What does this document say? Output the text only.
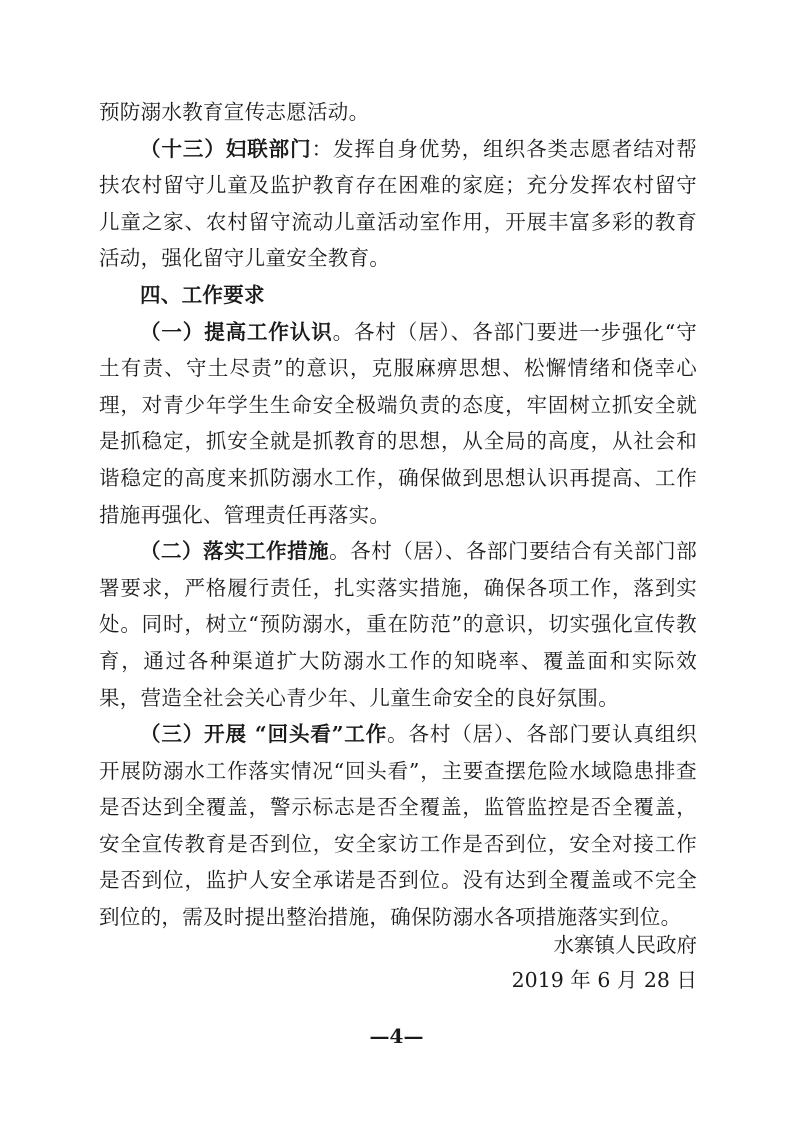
预防溺水教育宣传志愿活动。

（十三）妇联部门：发挥自身优势，组织各类志愿者结对帮扶农村留守儿童及监护教育存在困难的家庭；充分发挥农村留守儿童之家、农村留守流动儿童活动室作用，开展丰富多彩的教育活动，强化留守儿童安全教育。

四、工作要求

（一）提高工作认识。各村（居）、各部门要进一步强化“守土有责、守土尽责”的意识，克服麻痹思想、松懈情绪和侥幸心理，对青少年学生生命安全极端负责的态度，牢固树立抓安全就是抓稳定，抓安全就是抓教育的思想，从全局的高度，从社会和谐稳定的高度来抓防溺水工作，确保做到思想认识再提高、工作措施再强化、管理责任再落实。

（二）落实工作措施。各村（居）、各部门要结合有关部门部署要求，严格履行责任，扎实落实措施，确保各项工作，落到实处。同时，树立“预防溺水，重在防范”的意识，切实强化宣传教育，通过各种渠道扩大防溺水工作的知晓率、覆盖面和实际效果，营造全社会关心青少年、儿童生命安全的良好氛围。

（三）开展 “回头看”工作。各村（居）、各部门要认真组织开展防溺水工作落实情况“回头看”，主要查摆危险水域隐患排查是否达到全覆盖，警示标志是否全覆盖，监管监控是否全覆盖，安全宣传教育是否到位，安全家访工作是否到位，安全对接工作是否到位，监护人安全承诺是否到位。没有达到全覆盖或不完全到位的，需及时提出整治措施，确保防溺水各项措施落实到位。

水寨镇人民政府
2019 年 6 月 28 日
—4—
